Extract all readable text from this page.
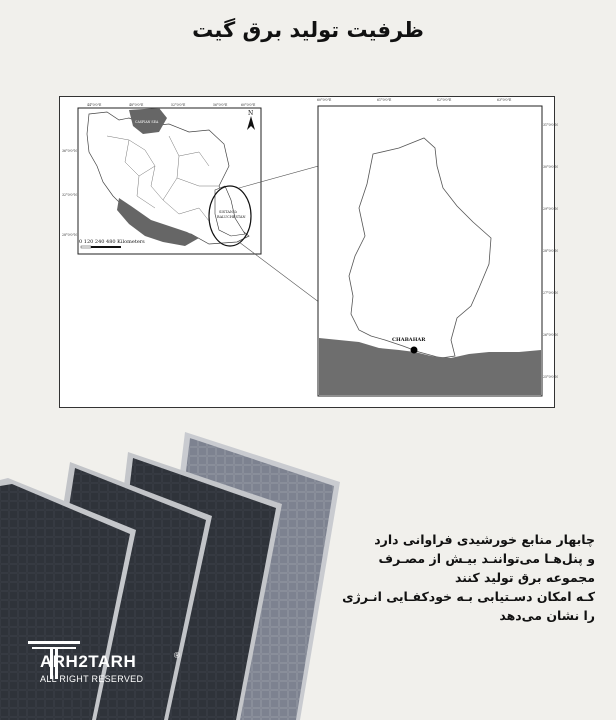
ظرفیت تولید برق گیت
SISTAN &
BALUCHESTAN
CASPIAN SEA
N
0 120 240 480 Kilometers
44°0'0"E	48°0'0"E	52°0'0"E	56°0'0"E	60°0'0"E
36°0'0"N
32°0'0"N
28°0'0"N
CHABAHAR
60°0'0"E	61°0'0"E	62°0'0"E	63°0'0"E
31°0'0"N
30°0'0"N
29°0'0"N
28°0'0"N
27°0'0"N
26°0'0"N
25°0'0"N
چابهار منابع خورشیدی فراوانی دارد
و پنل‌هـا می‌تواننـد بیـش از مصـرف
مجموعه برق تولید کنند
کـه امکان دسـتیابی بـه خودکفـایی انـرژی
را نشان می‌دهد
®
ARH2TARH
ALL RIGHT RESERVED
